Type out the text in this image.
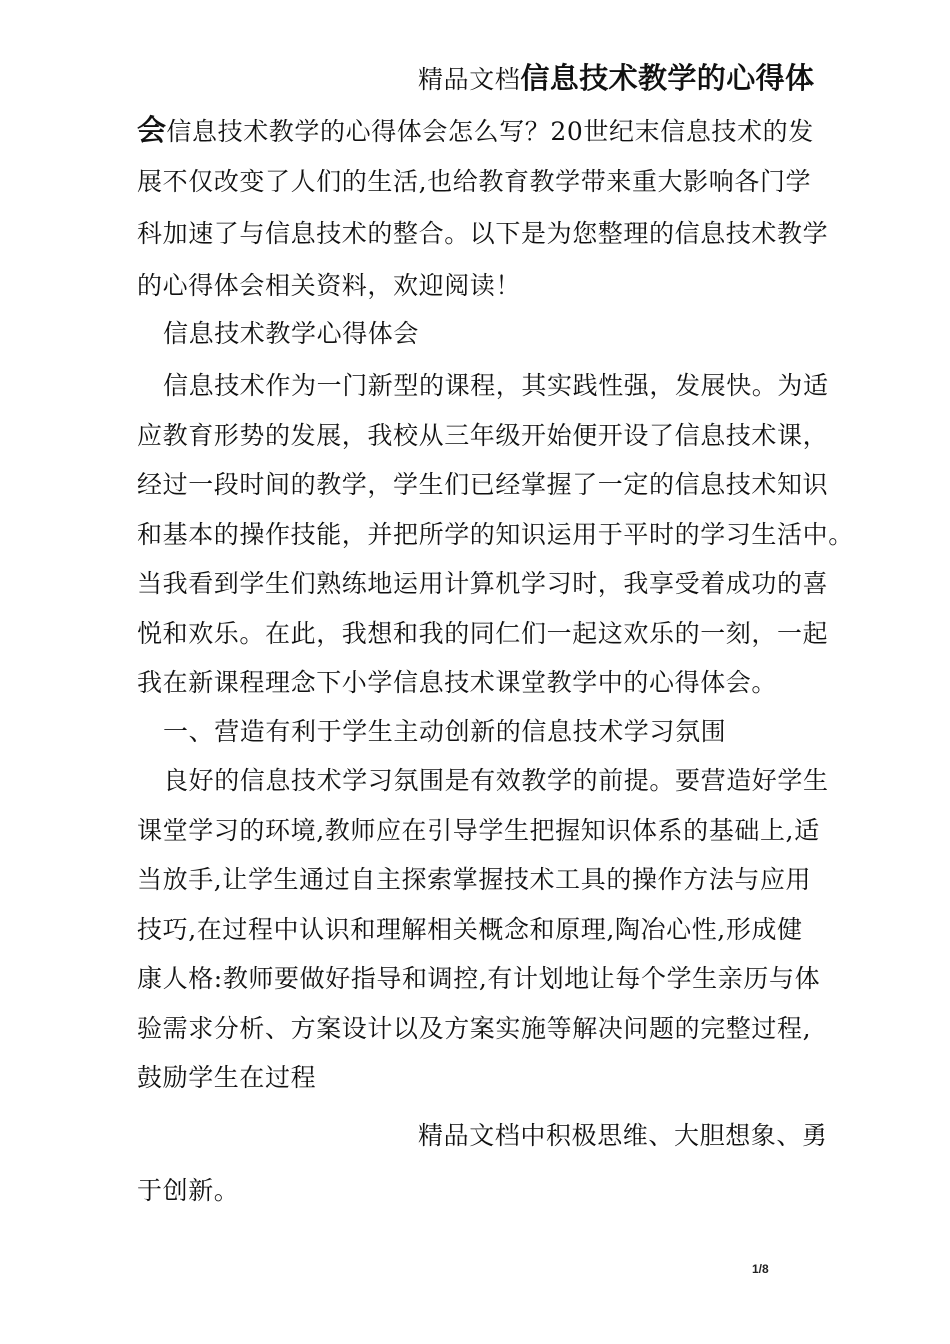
精品文档信息技术教学的心得体
会信息技术教学的心得体会怎么写？20世纪末信息技术的发
展不仅改变了人们的生活,也给教育教学带来重大影响各门学
科加速了与信息技术的整合。以下是为您整理的信息技术教学
的心得体会相关资料，欢迎阅读！
信息技术教学心得体会
信息技术作为一门新型的课程，其实践性强，发展快。为适
应教育形势的发展，我校从三年级开始便开设了信息技术课，
经过一段时间的教学，学生们已经掌握了一定的信息技术知识
和基本的操作技能，并把所学的知识运用于平时的学习生活中。
当我看到学生们熟练地运用计算机学习时，我享受着成功的喜
悦和欢乐。在此，我想和我的同仁们一起这欢乐的一刻，一起
我在新课程理念下小学信息技术课堂教学中的心得体会。
一、营造有利于学生主动创新的信息技术学习氛围
良好的信息技术学习氛围是有效教学的前提。要营造好学生
课堂学习的环境,教师应在引导学生把握知识体系的基础上,适
当放手,让学生通过自主探索掌握技术工具的操作方法与应用
技巧,在过程中认识和理解相关概念和原理,陶冶心性,形成健
康人格:教师要做好指导和调控,有计划地让每个学生亲历与体
验需求分析、方案设计以及方案实施等解决问题的完整过程,
鼓励学生在过程
精品文档中积极思维、大胆想象、勇
于创新。
1/8
